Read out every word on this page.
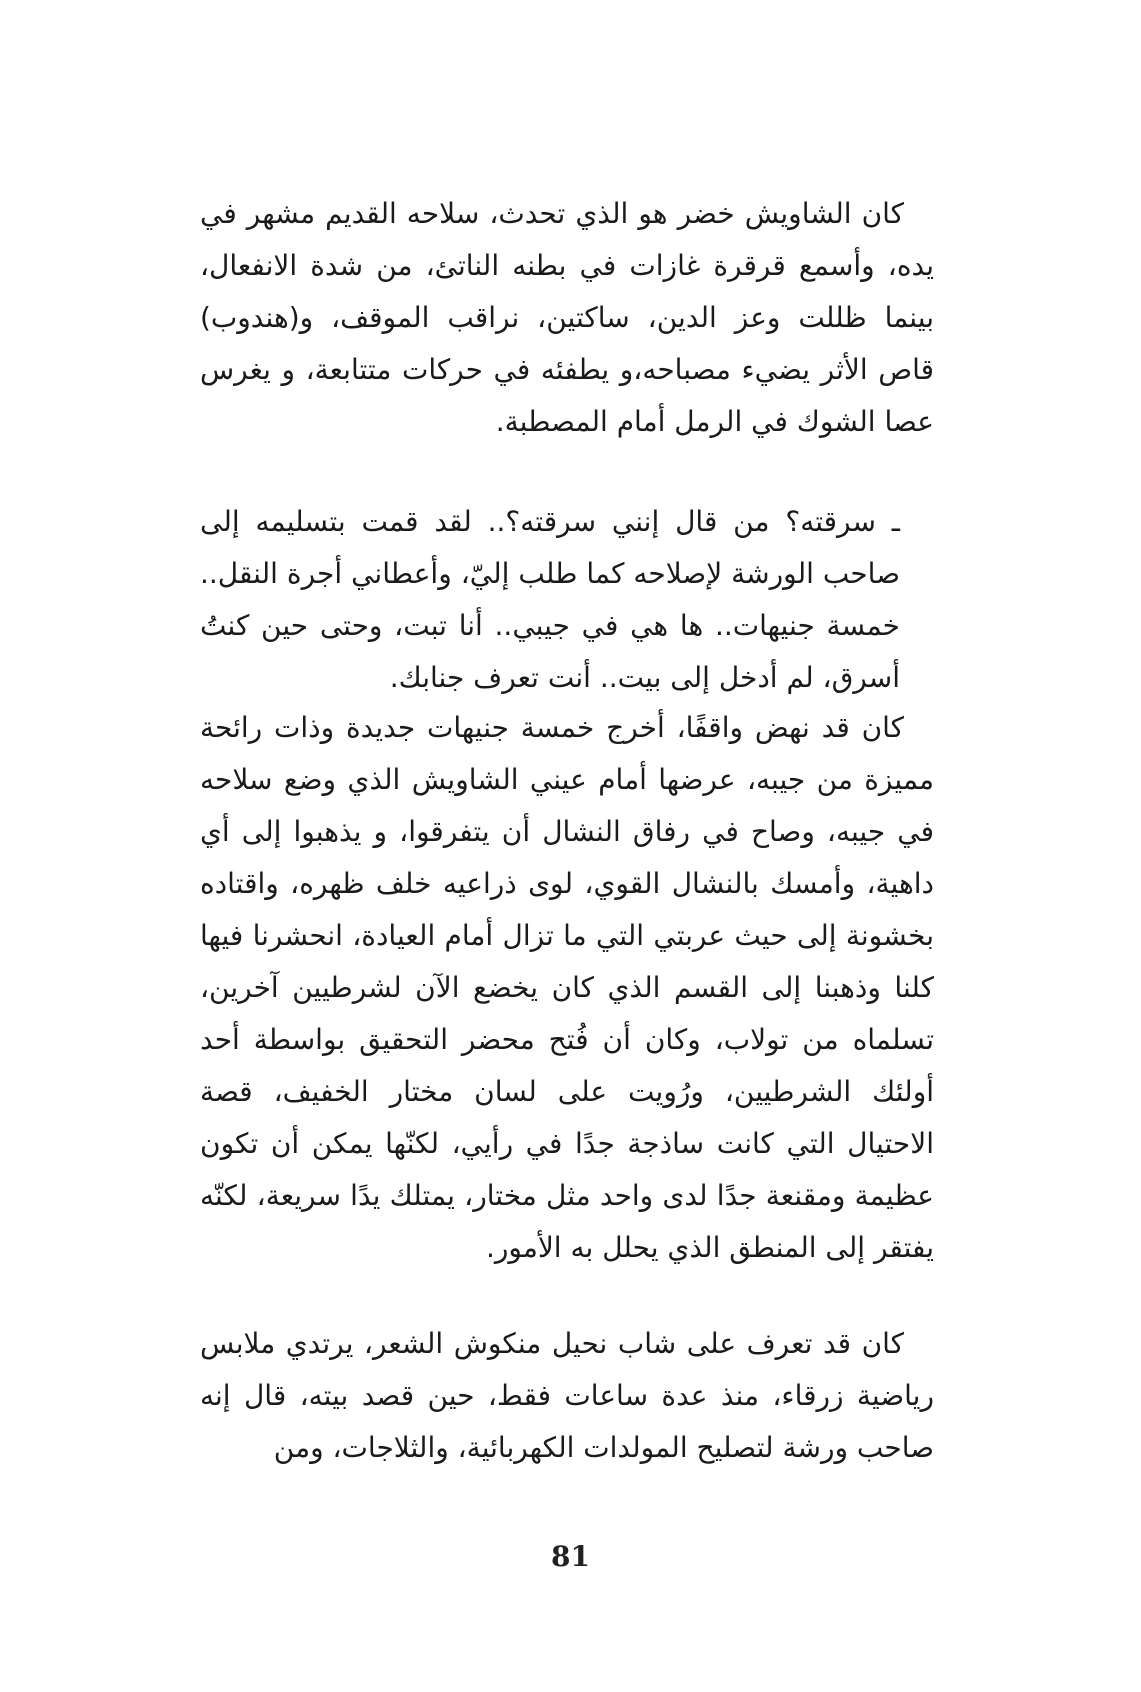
كان الشاويش خضر هو الذي تحدث، سلاحه القديم مشهر في يده، وأسمع قرقرة غازات في بطنه الناتئ، من شدة الانفعال، بينما ظللت وعز الدين، ساكتين، نراقب الموقف، و(هندوب) قاص الأثر يضيء مصباحه،و يطفئه في حركات متتابعة، و يغرس عصا الشوك في الرمل أمام المصطبة.
ـ سرقته؟ من قال إنني سرقته؟.. لقد قمت بتسليمه إلى صاحب الورشة لإصلاحه كما طلب إليّ، وأعطاني أجرة النقل.. خمسة جنيهات.. ها هي في جيبي.. أنا تبت، وحتى حين كنتُ أسرق، لم أدخل إلى بيت.. أنت تعرف جنابك.
كان قد نهض واقفًا، أخرج خمسة جنيهات جديدة وذات رائحة مميزة من جيبه، عرضها أمام عيني الشاويش الذي وضع سلاحه في جيبه، وصاح في رفاق النشال أن يتفرقوا، و يذهبوا إلى أي داهية، وأمسك بالنشال القوي، لوى ذراعيه خلف ظهره، واقتاده بخشونة إلى حيث عربتي التي ما تزال أمام العيادة، انحشرنا فيها كلنا وذهبنا إلى القسم الذي كان يخضع الآن لشرطيين آخرين، تسلماه من تولاب، وكان أن فُتح محضر التحقيق بواسطة أحد أولئك الشرطيين، ورُويت على لسان مختار الخفيف، قصة الاحتيال التي كانت ساذجة جدًا في رأيي، لكنّها يمكن أن تكون عظيمة ومقنعة جدًا لدى واحد مثل مختار، يمتلك يدًا سريعة، لكنّه يفتقر إلى المنطق الذي يحلل به الأمور.
كان قد تعرف على شاب نحيل منكوش الشعر، يرتدي ملابس رياضية زرقاء، منذ عدة ساعات فقط، حين قصد بيته، قال إنه صاحب ورشة لتصليح المولدات الكهربائية، والثلاجات، ومن
81
